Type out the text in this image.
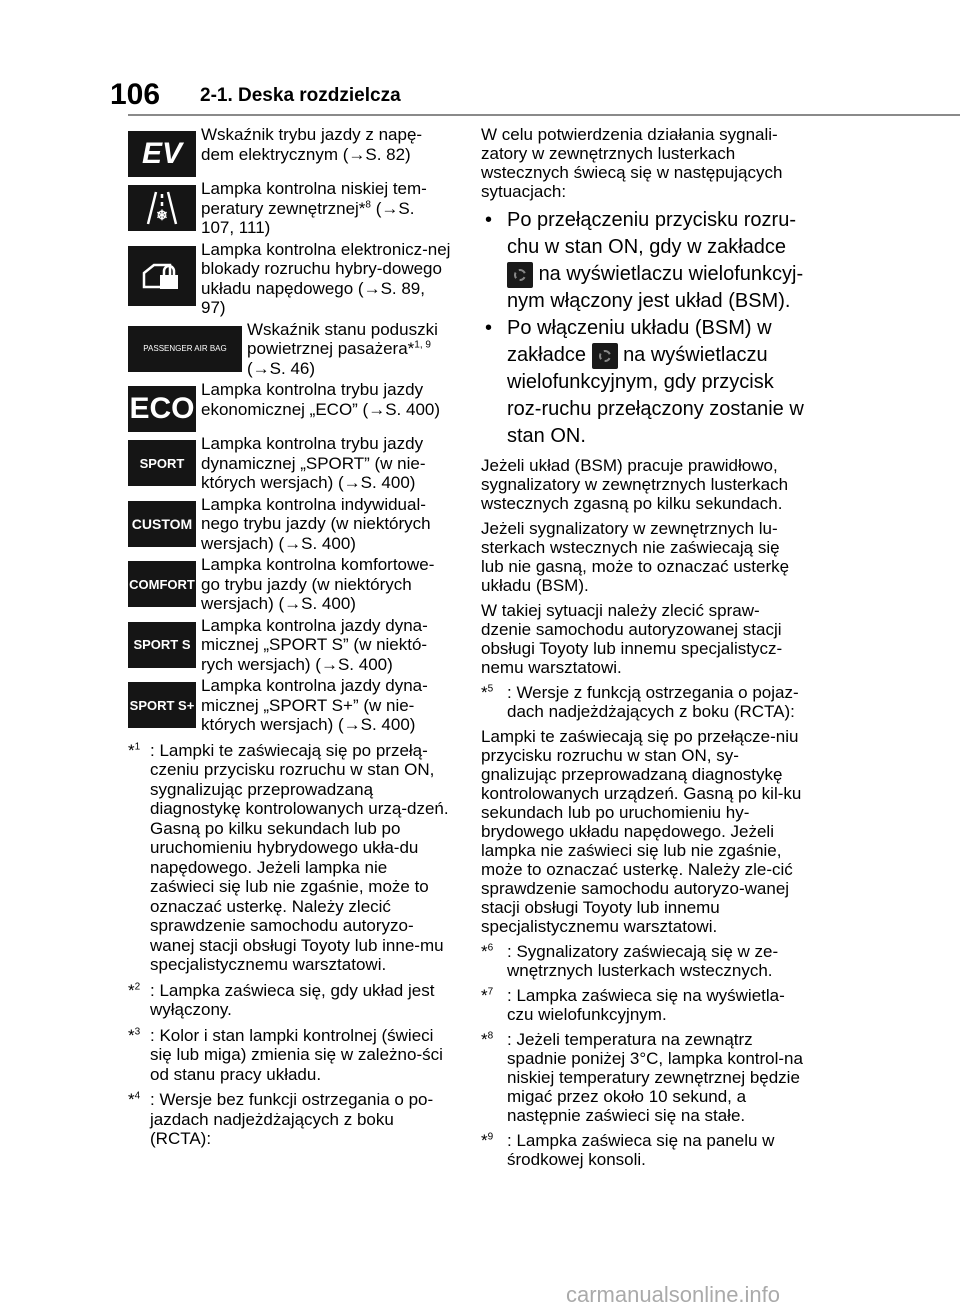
106 2-1. Deska rozdzielcza
EV
Wskaźnik trybu jazdy z napę-dem elektrycznym (→S. 82)
❄
Lampka kontrolna niskiej tem-peratury zewnętrznej*$^8$ (→S. 107, 111)
Lampka kontrolna elektronicz-nej blokady rozruchu hybry-dowego układu napędowego (→S. 89, 97)
PASSENGER AIR BAG
Wskaźnik stanu poduszki powietrznej pasażera*$^{1, 9}$ (→S. 46)
ECO
Lampka kontrolna trybu jazdy ekonomicznej „ECO” (→S. 400)
SPORT
Lampka kontrolna trybu jazdy dynamicznej „SPORT” (w nie-których wersjach) (→S. 400)
CUSTOM
Lampka kontrolna indywidual-nego trybu jazdy (w niektórych wersjach) (→S. 400)
COMFORT
Lampka kontrolna komfortowe-go trybu jazdy (w niektórych wersjach) (→S. 400)
SPORT S
Lampka kontrolna jazdy dyna-micznej „SPORT S” (w niektó-rych wersjach) (→S. 400)
SPORT S+
Lampka kontrolna jazdy dyna-micznej „SPORT S+” (w nie-których wersjach) (→S. 400)
*$^1$ : Lampki te zaświecają się po przełą-czeniu przycisku rozruchu w stan ON, sygnalizując przeprowadzaną diagnostykę kontrolowanych urzą-dzeń. Gasną po kilku sekundach lub po uruchomieniu hybrydowego ukła-du napędowego. Jeżeli lampka nie zaświeci się lub nie zgaśnie, może to oznaczać usterkę. Należy zlecić sprawdzenie samochodu autoryzo-wanej stacji obsługi Toyoty lub inne-mu specjalistycznemu warsztatowi.
*$^2$ : Lampka zaświeca się, gdy układ jest wyłączony.
*$^3$ : Kolor i stan lampki kontrolnej (świeci się lub miga) zmienia się w zależno-ści od stanu pracy układu.
*$^4$ : Wersje bez funkcji ostrzegania o po-jazdach nadjeżdżających z boku (RCTA):

W celu potwierdzenia działania sygnali-zatory w zewnętrznych lusterkach wstecznych świecą się w następujących sytuacjach:

• Po przełączeniu przycisku rozru-chu w stan ON, gdy w zakładce
na wyświetlaczu wielofunkcyj-nym włączony jest układ (BSM).
• Po włączeniu układu (BSM) w zakładce na wyświetlaczu wielofunkcyjnym, gdy przycisk roz-ruchu przełączony zostanie w stan ON.

Jeżeli układ (BSM) pracuje prawidłowo, sygnalizatory w zewnętrznych lusterkach wstecznych zgasną po kilku sekundach.

Jeżeli sygnalizatory w zewnętrznych lu-sterkach wstecznych nie zaświecają się lub nie gasną, może to oznaczać usterkę układu (BSM).

W takiej sytuacji należy zlecić spraw-dzenie samochodu autoryzowanej stacji obsługi Toyoty lub innemu specjalistycz-nemu warsztatowi.

*$^5$ : Wersje z funkcją ostrzegania o pojaz-dach nadjeżdżających z boku (RCTA):

Lampki te zaświecają się po przełącze-niu przycisku rozruchu w stan ON, sy-gnalizując przeprowadzaną diagnostykę kontrolowanych urządzeń. Gasną po kil-ku sekundach lub po uruchomieniu hy-brydowego układu napędowego. Jeżeli lampka nie zaświeci się lub nie zgaśnie, może to oznaczać usterkę. Należy zle-cić sprawdzenie samochodu autoryzo-wanej stacji obsługi Toyoty lub innemu specjalistycznemu warsztatowi.

*$^6$ : Sygnalizatory zaświecają się w ze-wnętrznych lusterkach wstecznych.
*$^7$ : Lampka zaświeca się na wyświetla-czu wielofunkcyjnym.
*$^8$ : Jeżeli temperatura na zewnątrz spadnie poniżej 3°C, lampka kontrol-na niskiej temperatury zewnętrznej będzie migać przez około 10 sekund, a następnie zaświeci się na stałe.
*$^9$ : Lampka zaświeca się na panelu w środkowej konsoli.
carmanualsonline.info
